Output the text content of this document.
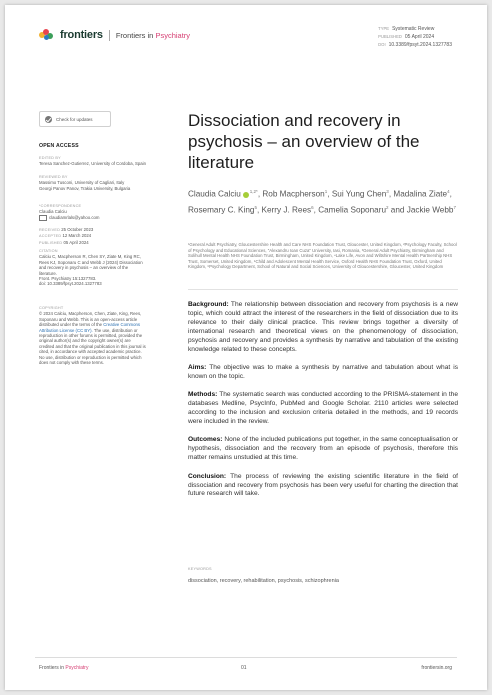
frontiers Frontiers in Psychiatry
TYPE Systematic Review
PUBLISHED 05 April 2024
DOI 10.3389/fpsyt.2024.1327783
Check for updates
OPEN ACCESS
EDITED BY
Teresa Sanchez-Gutierrez, University of Cordoba, Spain
REVIEWED BY
Massimo Tusconi, University of Cagliari, Italy
Georgi Panov Panov, Trakia University, Bulgaria
*CORRESPONDENCE
Claudia Calciu
claudiamrlals@yahoo.com
RECEIVED 25 October 2023
ACCEPTED 12 March 2024
PUBLISHED 05 April 2024
CITATION
Calciu C, Macpherson R, Chen SY, Ziate M, King RC, Rees KJ, Soponaru C and Webb J (2024) Dissociation and recovery in psychosis – an overview of the literature.
Front. Psychiatry 15:1327783.
doi: 10.3389/fpsyt.2024.1327783
COPYRIGHT
© 2024 Calciu, Macpherson, Chen, Ziate, King, Rees, Soponaru and Webb. This is an open-access article distributed under the terms of the Creative Commons Attribution License (CC BY). The use, distribution or reproduction in other forums is permitted, provided the original author(s) and the copyright owner(s) are credited and that the original publication in this journal is cited, in accordance with accepted academic practice. No use, distribution or reproduction is permitted which does not comply with these terms.
Dissociation and recovery in psychosis – an overview of the literature
Claudia Calciu $^{1,2*}$, Rob Macpherson$^1$, Sui Yung Chen$^3$, Madalina Ziate$^4$, Rosemary C. King$^5$, Kerry J. Rees$^6$, Camelia Soponaru$^2$ and Jackie Webb$^7$
¹General Adult Psychiatry, Gloucestershire Health and Care NHS Foundation Trust, Gloucester, United Kingdom, ²Psychology Faculty, School of Psychology and Educational Sciences, "Alexandru Ioan Cuza" University, Iasi, Romania, ³General Adult Psychiatry, Birmingham and Solihull Mental Health NHS Foundation Trust, Birmingham, United Kingdom, ⁴Lake Life, Avon and Wiltshire Mental Health Partnership NHS Trust, Somerset, United Kingdom, ⁵Child and Adolescent Mental Health Service, Oxford Health NHS Foundation Trust, Oxford, United Kingdom, ⁶Psychology Department, School of Natural and Social Sciences, University of Gloucestershire, Gloucester, United Kingdom

Background: The relationship between dissociation and recovery from psychosis is a new topic, which could attract the interest of the researchers in the field of dissociation due to its relevance to their daily clinical practice. This review brings together a diversity of international research and theoretical views on the phenomenology of dissociation, psychosis and recovery and provides a synthesis by narrative and tabulation of the existing knowledge related to these concepts.

Aims: The objective was to make a synthesis by narrative and tabulation about what is known on the topic.

Methods: The systematic search was conducted according to the PRISMA-statement in the databases Medline, PsycInfo, PubMed and Google Scholar. 2110 articles were selected according to the inclusion and exclusion criteria detailed in the methods, and 19 records were included in the review.

Outcomes: None of the included publications put together, in the same conceptualisation or hypothesis, dissociation and the recovery from an episode of psychosis, therefore this matter remains unstudied at this time.

Conclusion: The process of reviewing the existing scientific literature in the field of dissociation and recovery from psychosis has been very useful for charting the direction that future research will take.

KEYWORDS
dissociation, recovery, rehabilitation, psychosis, schizophrenia
Frontiers in Psychiatry	01	frontiersin.org
